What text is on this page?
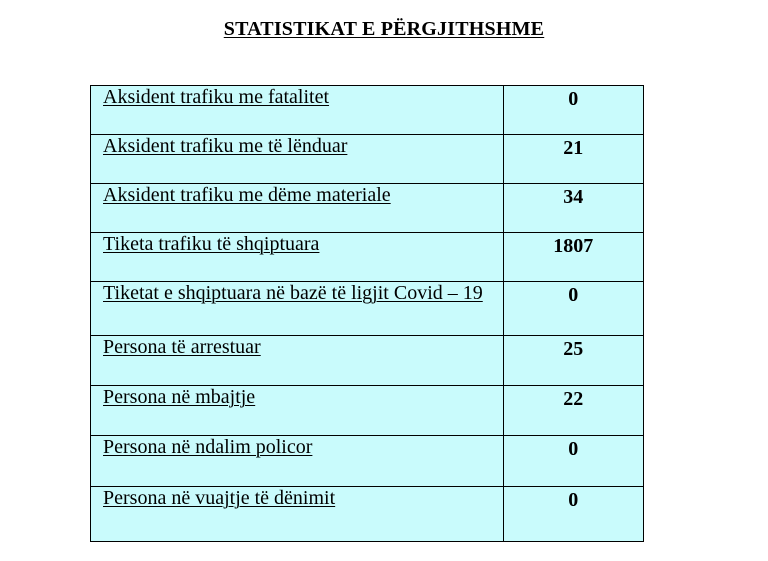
STATISTIKAT E PËRGJITHSHME
Aksident trafiku me fatalitet	0
Aksident trafiku me të lënduar	21
Aksident trafiku me dëme materiale	34
Tiketa trafiku të shqiptuara	1807
Tiketat e shqiptuara në bazë të ligjit Covid – 19	0
Persona të arrestuar	25
Persona në mbajtje	22
Persona në ndalim policor	0
Persona në vuajtje të dënimit	0
